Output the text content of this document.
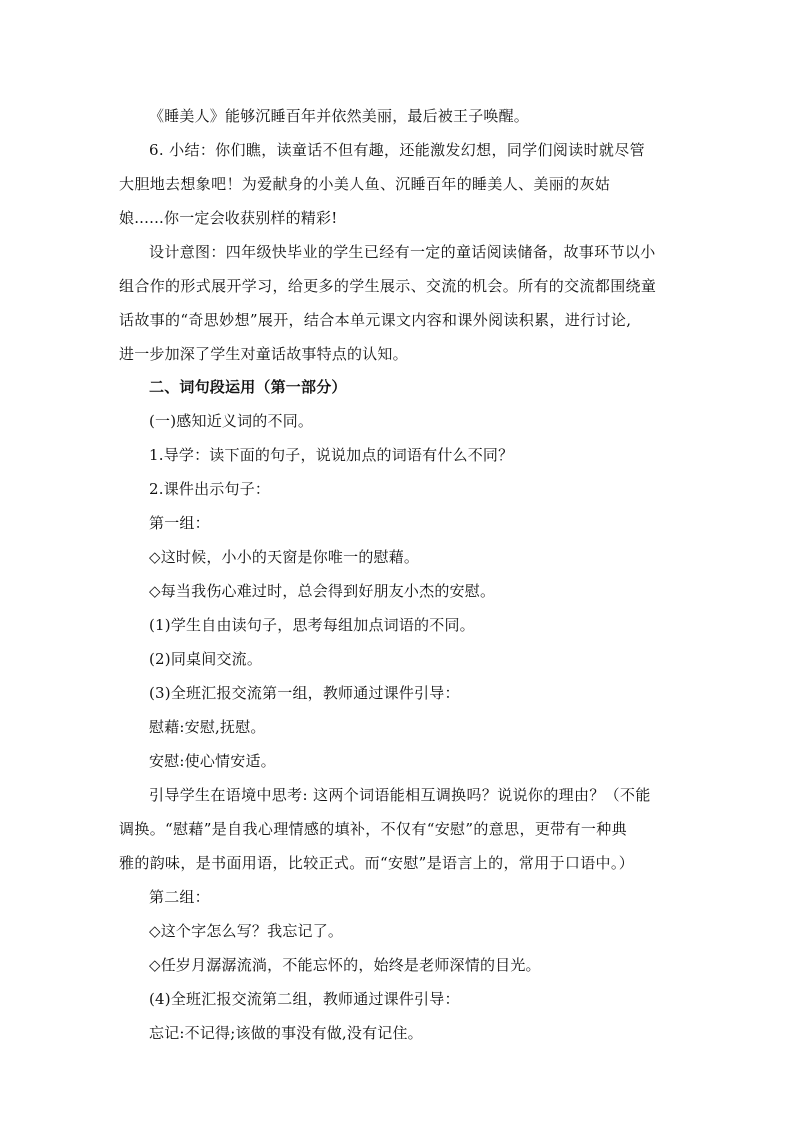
《睡美人》能够沉睡百年并依然美丽，最后被王子唤醒。
6. 小结：你们瞧，读童话不但有趣，还能激发幻想，同学们阅读时就尽管
大胆地去想象吧！为爱献身的小美人鱼、沉睡百年的睡美人、美丽的灰姑
娘......你一定会收获别样的精彩!
设计意图：四年级快毕业的学生已经有一定的童话阅读储备，故事环节以小
组合作的形式展开学习，给更多的学生展示、交流的机会。所有的交流都围绕童
话故事的“奇思妙想”展开，结合本单元课文内容和课外阅读积累，进行讨论,
进一步加深了学生对童话故事特点的认知。
二、词句段运用（第一部分）
(一)感知近义词的不同。
1.导学：读下面的句子，说说加点的词语有什么不同？
2.课件出示句子：
第一组：
◇这时候，小小的天窗是你唯一的慰藉。
◇每当我伤心难过时，总会得到好朋友小杰的安慰。
(1)学生自由读句子，思考每组加点词语的不同。
(2)同桌间交流。
(3)全班汇报交流第一组，教师通过课件引导：
慰藉:安慰,抚慰。
安慰:使心情安适。
引导学生在语境中思考: 这两个词语能相互调换吗？说说你的理由？（不能
调换。“慰藉”是自我心理情感的填补，不仅有“安慰”的意思，更带有一种典
雅的韵味，是书面用语，比较正式。而“安慰”是语言上的，常用于口语中。）
第二组：
◇这个字怎么写？我忘记了。
◇任岁月潺潺流淌，不能忘怀的，始终是老师深情的目光。
(4)全班汇报交流第二组，教师通过课件引导：
忘记:不记得;该做的事没有做,没有记住。
